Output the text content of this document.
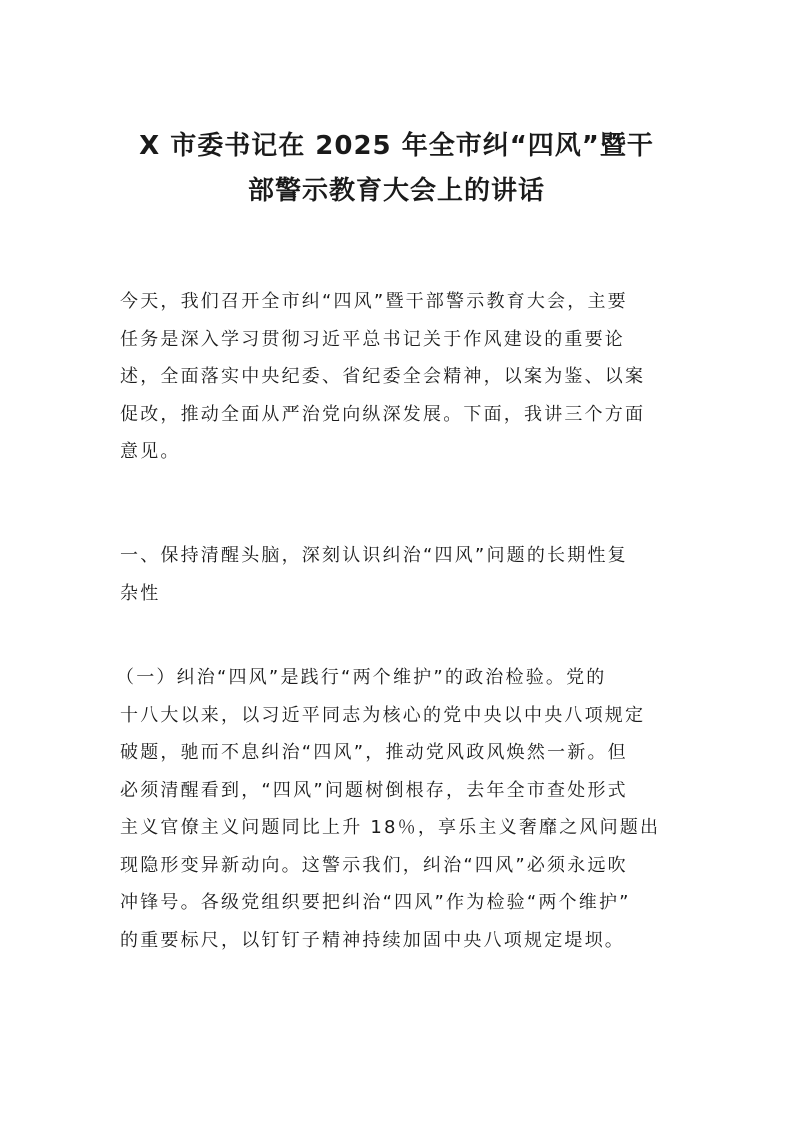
X 市委书记在 2025 年全市纠“四风”暨干
部警示教育大会上的讲话
今天，我们召开全市纠“四风”暨干部警示教育大会，主要
任务是深入学习贯彻习近平总书记关于作风建设的重要论
述，全面落实中央纪委、省纪委全会精神，以案为鉴、以案
促改，推动全面从严治党向纵深发展。下面，我讲三个方面
意见。
一、保持清醒头脑，深刻认识纠治“四风”问题的长期性复
杂性
（一）纠治“四风”是践行“两个维护”的政治检验。党的
十八大以来，以习近平同志为核心的党中央以中央八项规定
破题，驰而不息纠治“四风”，推动党风政风焕然一新。但
必须清醒看到，“四风”问题树倒根存，去年全市查处形式
主义官僚主义问题同比上升 18％，享乐主义奢靡之风问题出
现隐形变异新动向。这警示我们，纠治“四风”必须永远吹
冲锋号。各级党组织要把纠治“四风”作为检验“两个维护”
的重要标尺，以钉钉子精神持续加固中央八项规定堤坝。
